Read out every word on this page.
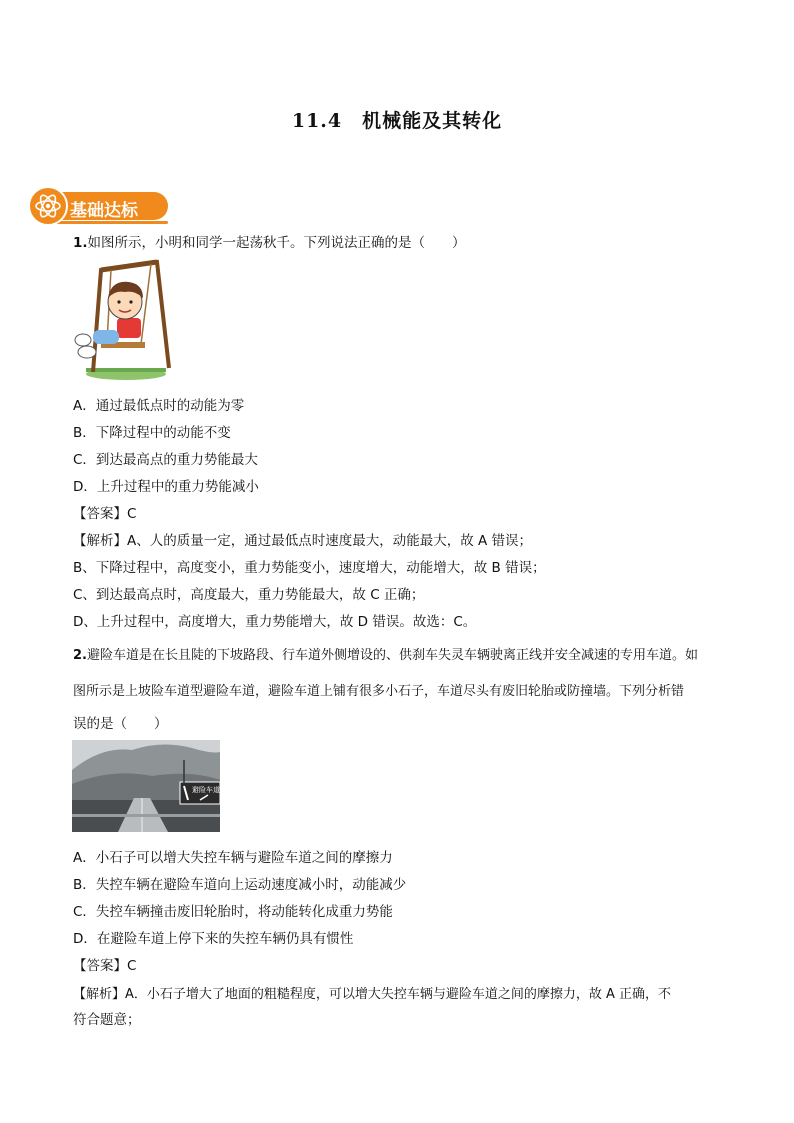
11.4　机械能及其转化
基础达标
1.如图所示，小明和同学一起荡秋千。下列说法正确的是（　　）
A．通过最低点时的动能为零
B．下降过程中的动能不变
C．到达最高点的重力势能最大
D．上升过程中的重力势能减小
【答案】C
【解析】A、人的质量一定，通过最低点时速度最大，动能最大，故 A 错误；
B、下降过程中，高度变小，重力势能变小，速度增大，动能增大，故 B 错误；
C、到达最高点时，高度最大，重力势能最大，故 C 正确；
D、上升过程中，高度增大，重力势能增大，故 D 错误。故选：C。
2.避险车道是在长且陡的下坡路段、行车道外侧增设的、供刹车失灵车辆驶离正线并安全减速的专用车道。如
图所示是上坡险车道型避险车道，避险车道上铺有很多小石子，车道尽头有废旧轮胎或防撞墙。下列分析错
误的是（　　）
避险车道
A．小石子可以增大失控车辆与避险车道之间的摩擦力
B．失控车辆在避险车道向上运动速度减小时，动能减少
C．失控车辆撞击废旧轮胎时，将动能转化成重力势能
D．在避险车道上停下来的失控车辆仍具有惯性
【答案】C
【解析】A．小石子增大了地面的粗糙程度，可以增大失控车辆与避险车道之间的摩擦力，故 A 正确，不
符合题意；
